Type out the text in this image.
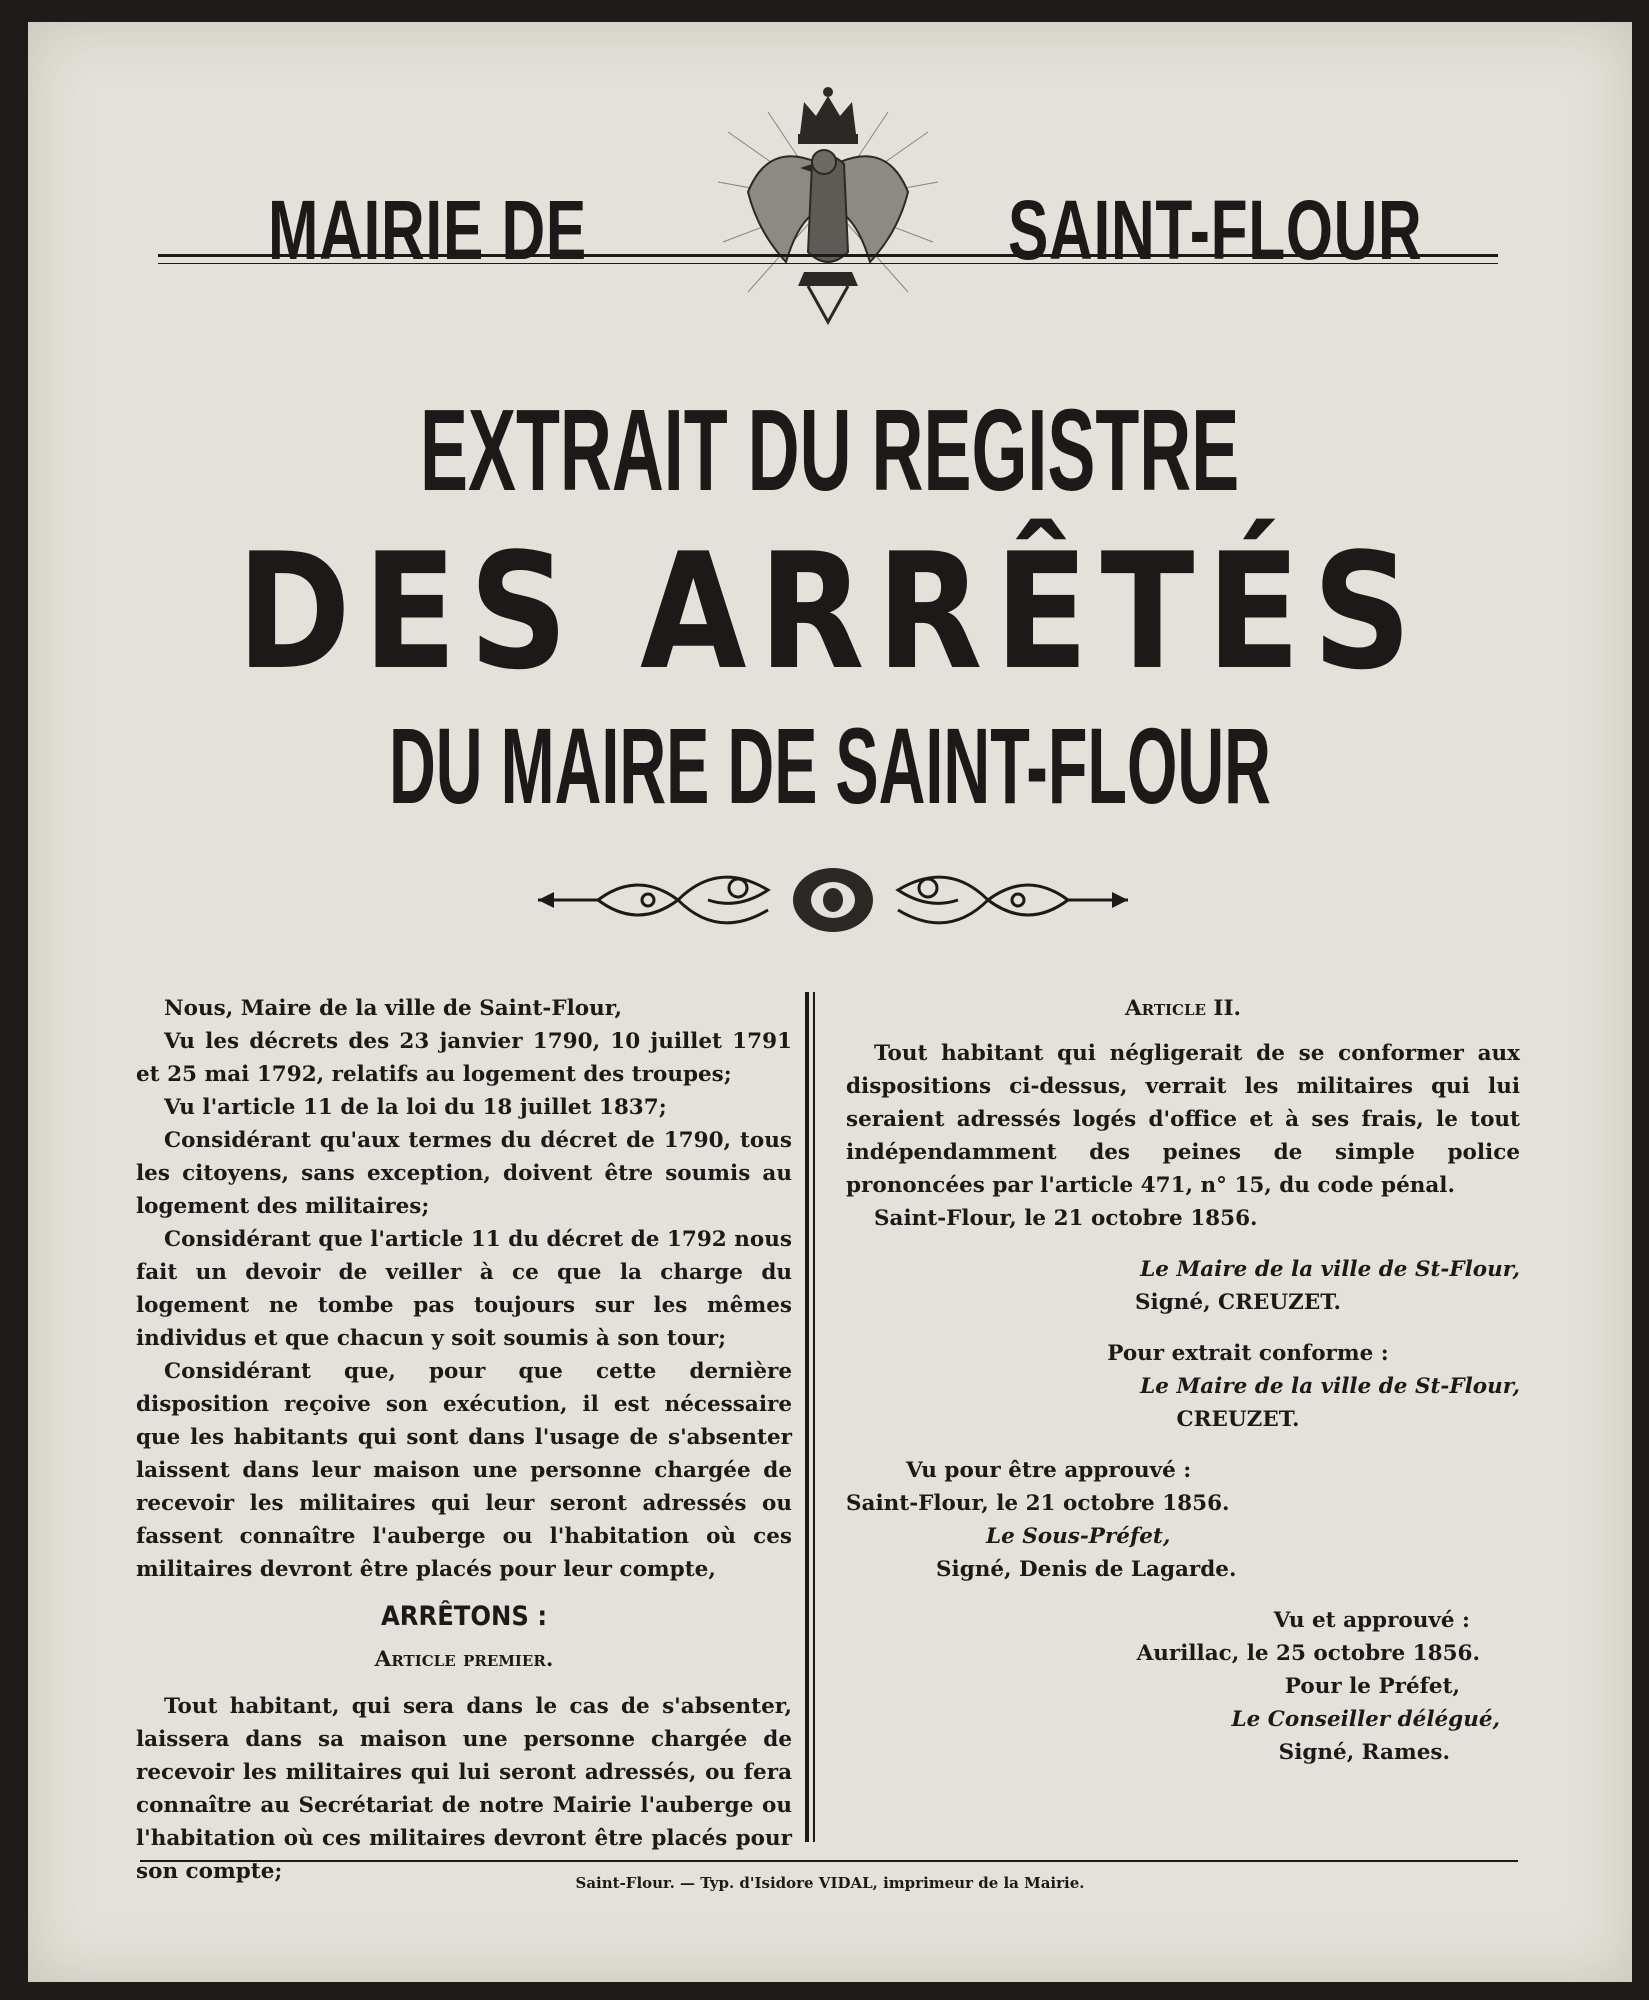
MAIRIE DE	SAINT-FLOUR
EXTRAIT DU REGISTRE
DES ARRÊTÉS
DU MAIRE DE SAINT-FLOUR

Nous, Maire de la ville de Saint-Flour,

Vu les décrets des 23 janvier 1790, 10 juillet 1791 et 25 mai 1792, relatifs au logement des troupes;

Vu l'article 11 de la loi du 18 juillet 1837;

Considérant qu'aux termes du décret de 1790, tous les citoyens, sans exception, doivent être soumis au logement des militaires;

Considérant que l'article 11 du décret de 1792 nous fait un devoir de veiller à ce que la charge du logement ne tombe pas toujours sur les mêmes individus et que chacun y soit soumis à son tour;

Considérant que, pour que cette dernière disposition reçoive son exécution, il est nécessaire que les habitants qui sont dans l'usage de s'absenter laissent dans leur maison une personne chargée de recevoir les militaires qui leur seront adressés ou fassent connaître l'auberge ou l'habitation où ces militaires devront être placés pour leur compte,

ARRÊTONS :

Article premier.

Tout habitant, qui sera dans le cas de s'absenter, laissera dans sa maison une personne chargée de recevoir les militaires qui lui seront adressés, ou fera connaître au Secrétariat de notre Mairie l'auberge ou l'habitation où ces militaires devront être placés pour son compte;

Article II.

Tout habitant qui négligerait de se conformer aux dispositions ci-dessus, verrait les militaires qui lui seraient adressés logés d'office et à ses frais, le tout indépendamment des peines de simple police prononcées par l'article 471, n° 15, du code pénal.

Saint-Flour, le 21 octobre 1856.

Le Maire de la ville de St-Flour,

Signé, CREUZET.

Pour extrait conforme :

Le Maire de la ville de St-Flour,

CREUZET.

Vu pour être approuvé :

Saint-Flour, le 21 octobre 1856.

Le Sous-Préfet,

Signé, Denis de Lagarde.

Vu et approuvé :

Aurillac, le 25 octobre 1856.

Pour le Préfet,

Le Conseiller délégué,

Signé, Rames.

Saint-Flour. — Typ. d'Isidore VIDAL, imprimeur de la Mairie.
